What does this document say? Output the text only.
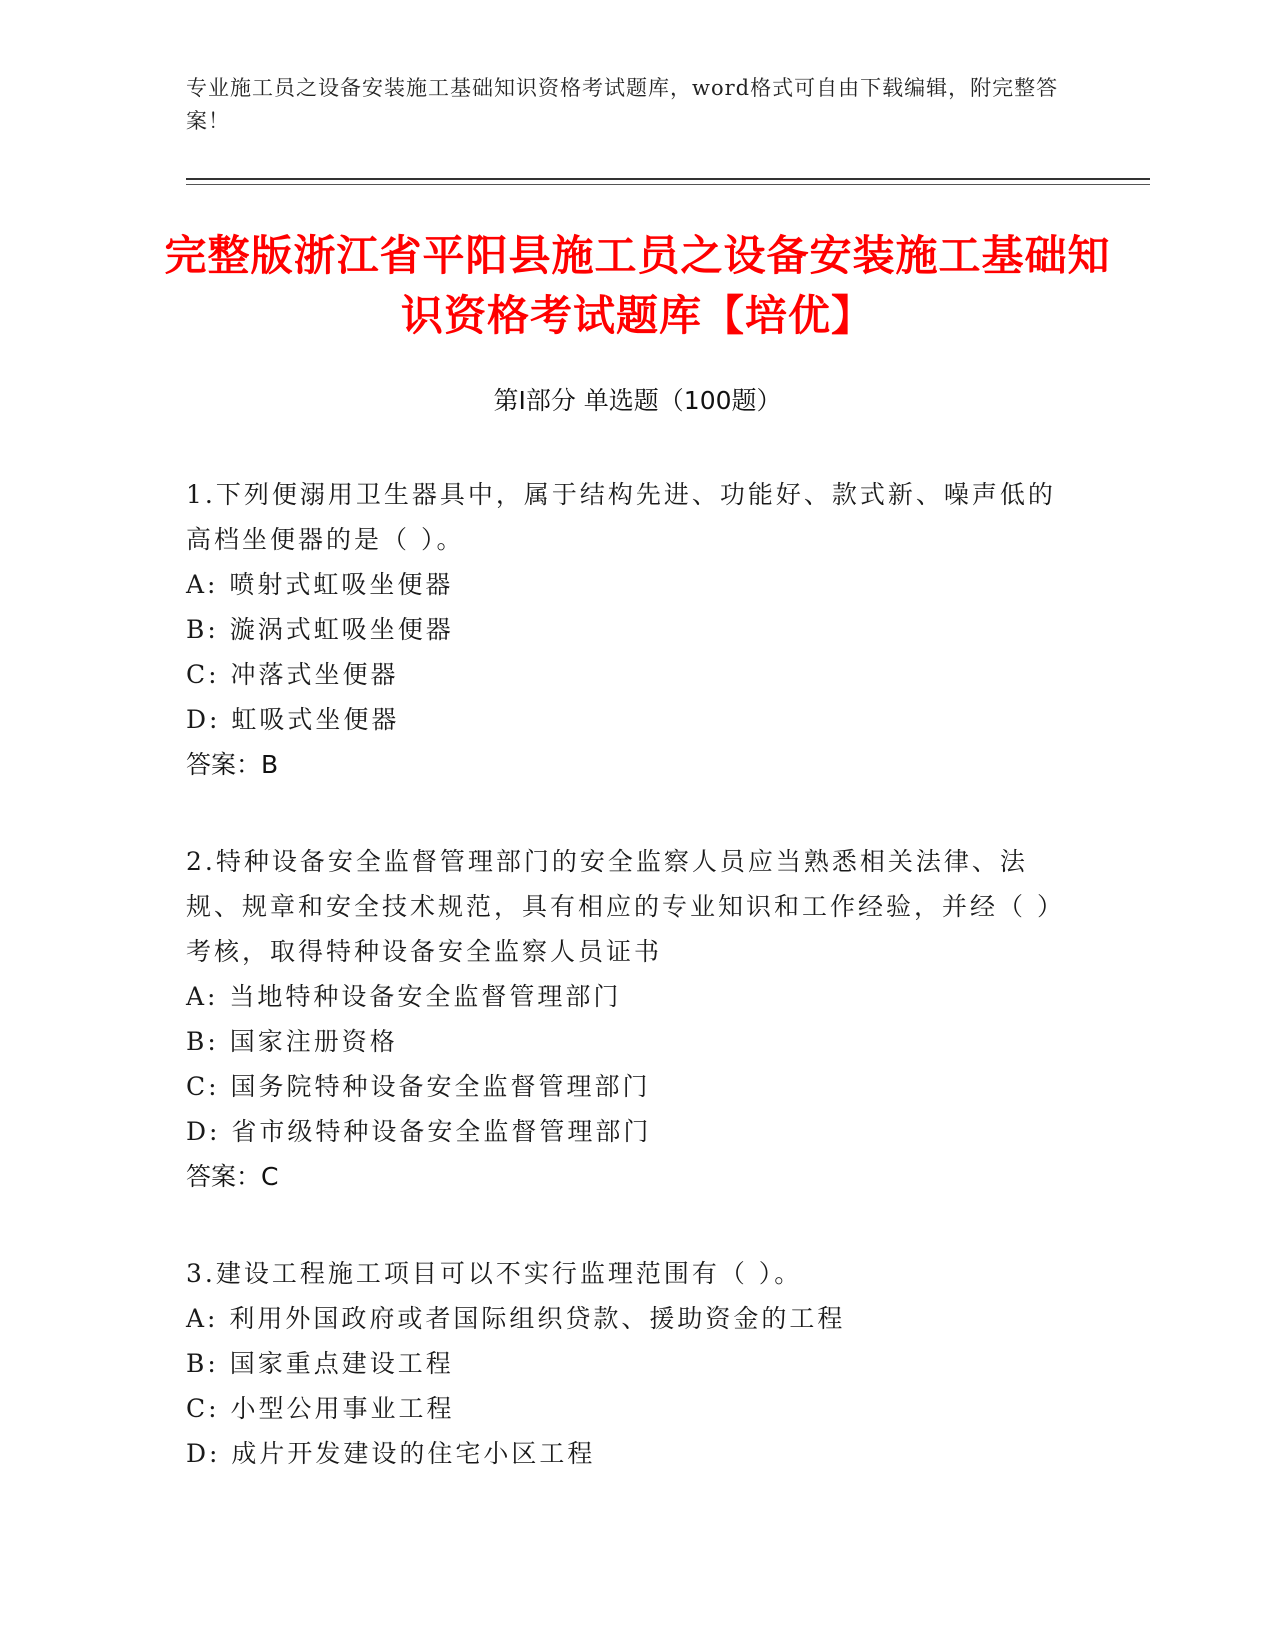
专业施工员之设备安装施工基础知识资格考试题库，word格式可自由下载编辑，附完整答案！
完整版浙江省平阳县施工员之设备安装施工基础知识资格考试题库【培优】
第Ⅰ部分 单选题（100题）
1.下列便溺用卫生器具中，属于结构先进、功能好、款式新、噪声低的高档坐便器的是（ ）。
A: 喷射式虹吸坐便器
B: 漩涡式虹吸坐便器
C: 冲落式坐便器
D: 虹吸式坐便器
答案：B
2.特种设备安全监督管理部门的安全监察人员应当熟悉相关法律、法规、规章和安全技术规范，具有相应的专业知识和工作经验，并经（ ）考核，取得特种设备安全监察人员证书
A: 当地特种设备安全监督管理部门
B: 国家注册资格
C: 国务院特种设备安全监督管理部门
D: 省市级特种设备安全监督管理部门
答案：C
3.建设工程施工项目可以不实行监理范围有（ ）。
A: 利用外国政府或者国际组织贷款、援助资金的工程
B: 国家重点建设工程
C: 小型公用事业工程
D: 成片开发建设的住宅小区工程
